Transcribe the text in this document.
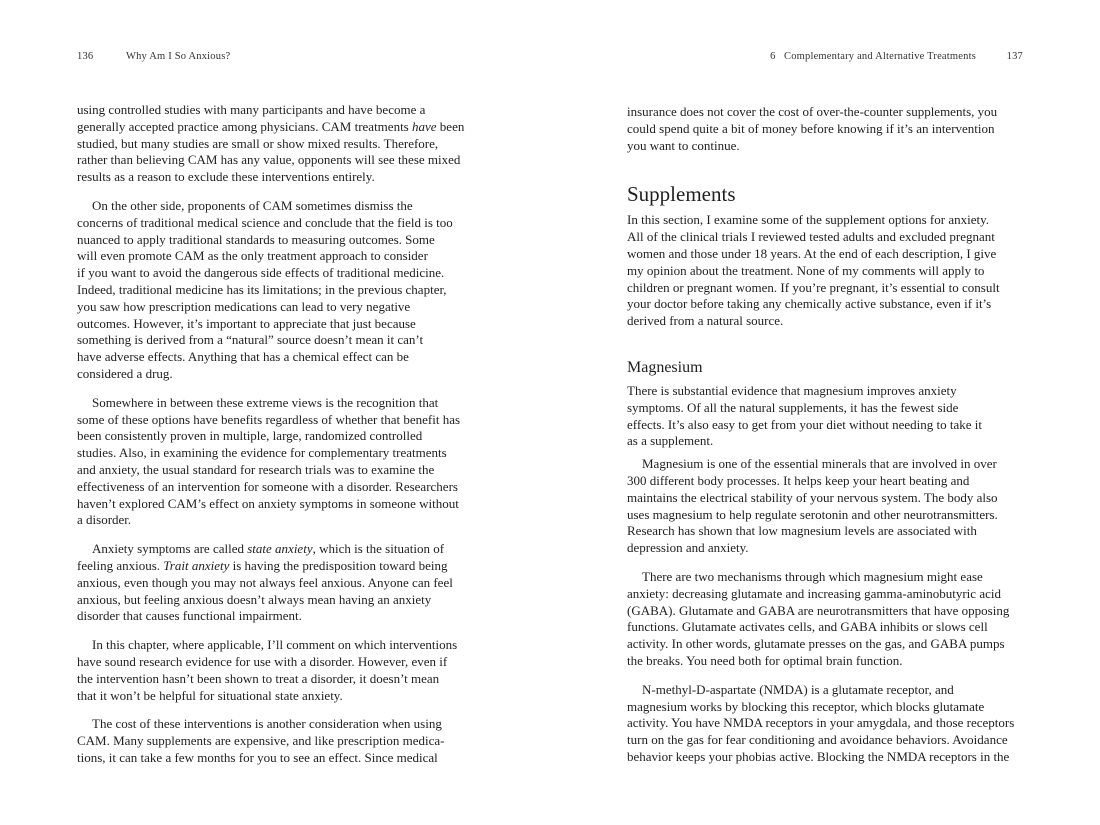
136	Why Am I So Anxious?

using controlled studies with many participants and have become a
generally accepted practice among physicians. CAM treatments have been
studied, but many studies are small or show mixed results. Therefore,
rather than believing CAM has any value, opponents will see these mixed
results as a reason to exclude these interventions entirely.

On the other side, proponents of CAM sometimes dismiss the
concerns of traditional medical science and conclude that the field is too
nuanced to apply traditional standards to measuring outcomes. Some
will even promote CAM as the only treatment approach to consider
if you want to avoid the dangerous side effects of traditional medicine.
Indeed, traditional medicine has its limitations; in the previous chapter,
you saw how prescription medications can lead to very negative
outcomes. However, it’s important to appreciate that just because
something is derived from a “natural” source doesn’t mean it can’t
have adverse effects. Anything that has a chemical effect can be
considered a drug.

Somewhere in between these extreme views is the recognition that
some of these options have benefits regardless of whether that benefit has
been consistently proven in multiple, large, randomized controlled
studies. Also, in examining the evidence for complementary treatments
and anxiety, the usual standard for research trials was to examine the
effectiveness of an intervention for someone with a disorder. Researchers
haven’t explored CAM’s effect on anxiety symptoms in someone without
a disorder.

Anxiety symptoms are called state anxiety, which is the situation of
feeling anxious. Trait anxiety is having the predisposition toward being
anxious, even though you may not always feel anxious. Anyone can feel
anxious, but feeling anxious doesn’t always mean having an anxiety
disorder that causes functional impairment.

In this chapter, where applicable, I’ll comment on which interventions
have sound research evidence for use with a disorder. However, even if
the intervention hasn’t been shown to treat a disorder, it doesn’t mean
that it won’t be helpful for situational state anxiety.

The cost of these interventions is another consideration when using
CAM. Many supplements are expensive, and like prescription medica-
tions, it can take a few months for you to see an effect. Since medical

6   Complementary and Alternative Treatments	137

insurance does not cover the cost of over-the-counter supplements, you
could spend quite a bit of money before knowing if it’s an intervention
you want to continue.

Supplements

In this section, I examine some of the supplement options for anxiety.
All of the clinical trials I reviewed tested adults and excluded pregnant
women and those under 18 years. At the end of each description, I give
my opinion about the treatment. None of my comments will apply to
children or pregnant women. If you’re pregnant, it’s essential to consult
your doctor before taking any chemically active substance, even if it’s
derived from a natural source.

Magnesium

There is substantial evidence that magnesium improves anxiety
symptoms. Of all the natural supplements, it has the fewest side
effects. It’s also easy to get from your diet without needing to take it
as a supplement.

Magnesium is one of the essential minerals that are involved in over
300 different body processes. It helps keep your heart beating and
maintains the electrical stability of your nervous system. The body also
uses magnesium to help regulate serotonin and other neurotransmitters.
Research has shown that low magnesium levels are associated with
depression and anxiety.

There are two mechanisms through which magnesium might ease
anxiety: decreasing glutamate and increasing gamma-aminobutyric acid
(GABA). Glutamate and GABA are neurotransmitters that have opposing
functions. Glutamate activates cells, and GABA inhibits or slows cell
activity. In other words, glutamate presses on the gas, and GABA pumps
the breaks. You need both for optimal brain function.

N-methyl-D-aspartate (NMDA) is a glutamate receptor, and
magnesium works by blocking this receptor, which blocks glutamate
activity. You have NMDA receptors in your amygdala, and those receptors
turn on the gas for fear conditioning and avoidance behaviors. Avoidance
behavior keeps your phobias active. Blocking the NMDA receptors in the
